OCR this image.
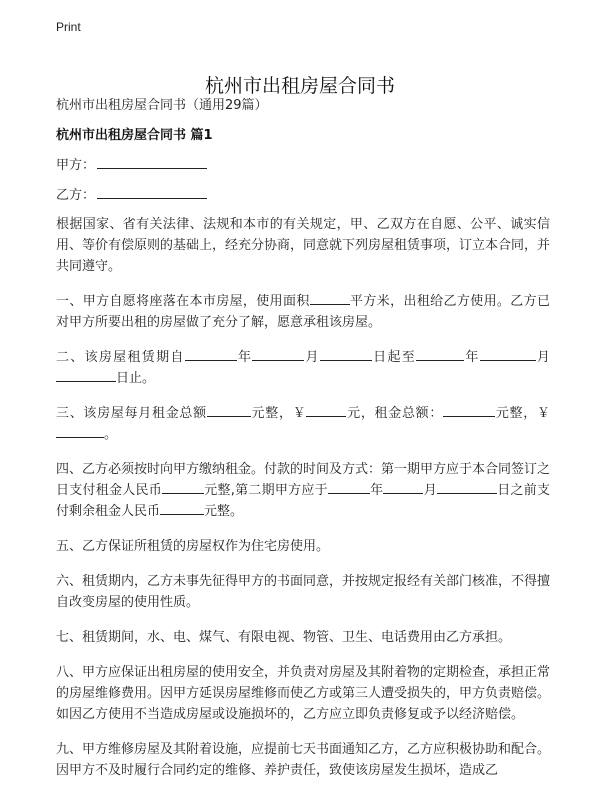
Print
杭州市出租房屋合同书
杭州市出租房屋合同书（通用29篇）
杭州市出租房屋合同书 篇1
甲方：
乙方：

根据国家、省有关法律、法规和本市的有关规定，甲、乙双方在自愿、公平、诚实信用、等价有偿原则的基础上，经充分协商，同意就下列房屋租赁事项，订立本合同，并共同遵守。

一、甲方自愿将座落在本市房屋，使用面积	平方米，出租给乙方使用。乙方已对甲方所要出租的房屋做了充分了解，愿意承租该房屋。

二、该房屋租赁期自	年	月	日起至	年	月日止。

三、该房屋每月租金总额	元整，￥	元，租金总额：	元整，￥。

四、乙方必须按时向甲方缴纳租金。付款的时间及方式：第一期甲方应于本合同签订之日支付租金人民币	元整,第二期甲方应于	年	月	日之前支付剩余租金人民币	元整。

五、乙方保证所租赁的房屋权作为住宅房使用。

六、租赁期内，乙方未事先征得甲方的书面同意，并按规定报经有关部门核准，不得擅自改变房屋的使用性质。

七、租赁期间，水、电、煤气、有限电视、物管、卫生、电话费用由乙方承担。

八、甲方应保证出租房屋的使用安全，并负责对房屋及其附着物的定期检查，承担正常的房屋维修费用。因甲方延误房屋维修而使乙方或第三人遭受损失的，甲方负责赔偿。如因乙方使用不当造成房屋或设施损坏的，乙方应立即负责修复或予以经济赔偿。

九、甲方维修房屋及其附着设施，应提前七天书面通知乙方，乙方应积极协助和配合。因甲方不及时履行合同约定的维修、养护责任，致使该房屋发生损坏，造成乙
